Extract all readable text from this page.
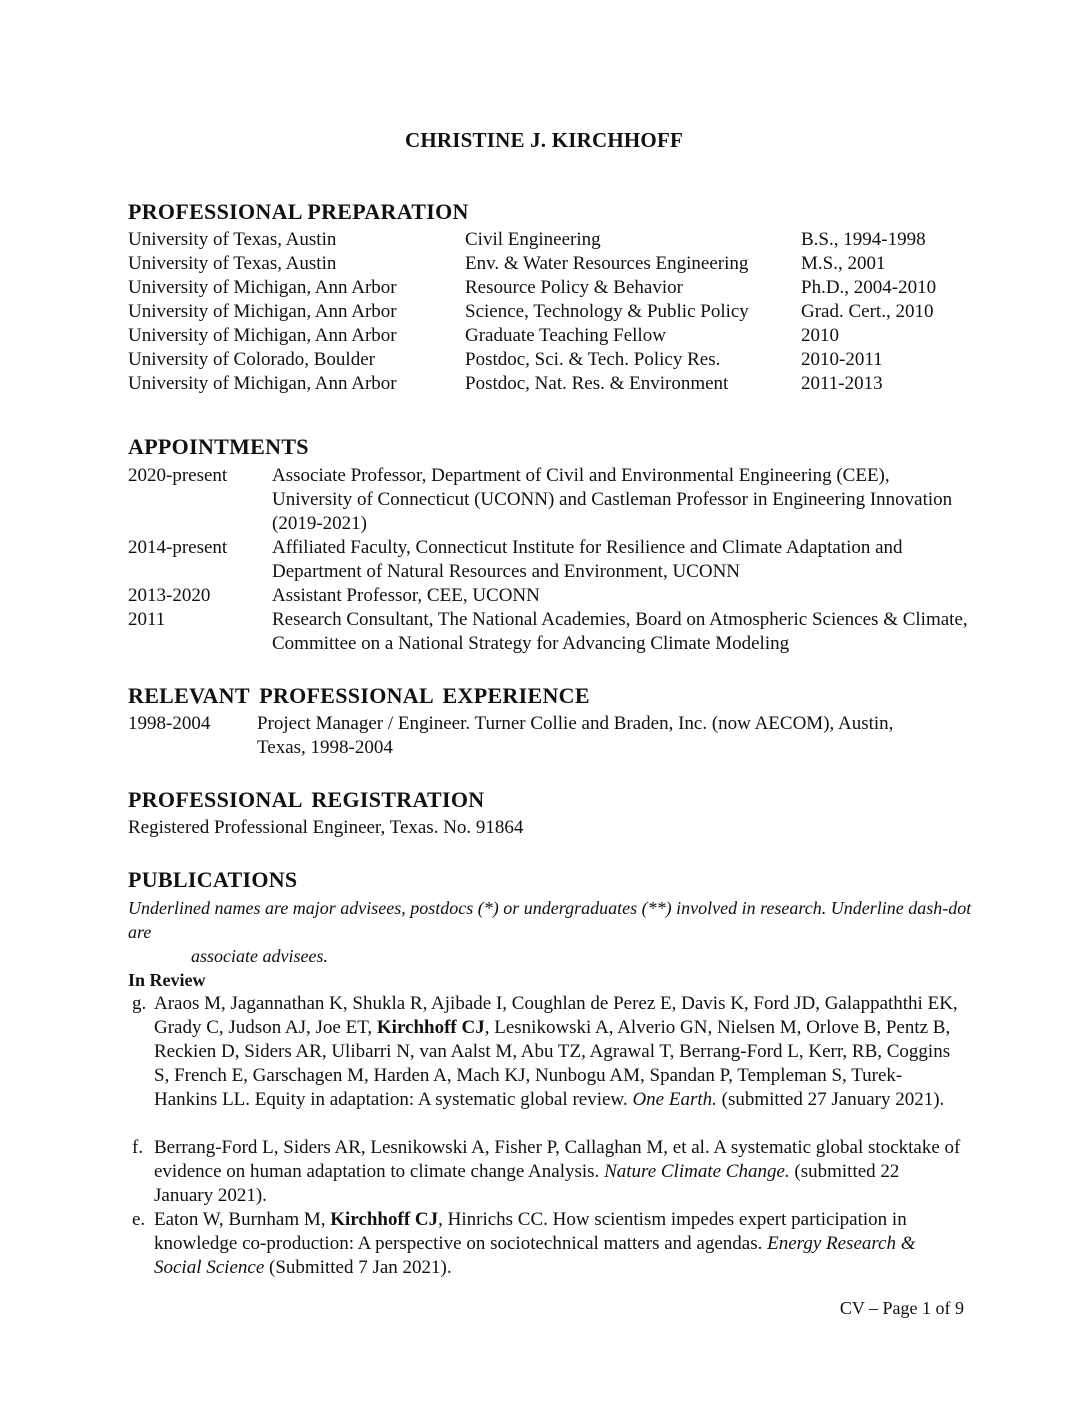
CHRISTINE J. KIRCHHOFF
PROFESSIONAL PREPARATION
University of Texas, Austin	Civil Engineering	B.S., 1994-1998
University of Texas, Austin	Env. & Water Resources Engineering	M.S., 2001
University of Michigan, Ann Arbor	Resource Policy & Behavior	Ph.D., 2004-2010
University of Michigan, Ann Arbor	Science, Technology & Public Policy	Grad. Cert., 2010
University of Michigan, Ann Arbor	Graduate Teaching Fellow	2010
University of Colorado, Boulder	Postdoc, Sci. & Tech. Policy Res.	2010-2011
University of Michigan, Ann Arbor	Postdoc, Nat. Res. & Environment	2011-2013
APPOINTMENTS
2020-present Associate Professor, Department of Civil and Environmental Engineering (CEE), University of Connecticut (UCONN) and Castleman Professor in Engineering Innovation (2019-2021)
2014-present Affiliated Faculty, Connecticut Institute for Resilience and Climate Adaptation and Department of Natural Resources and Environment, UCONN
2013-2020	Assistant Professor, CEE, UCONN
2011	Research Consultant, The National Academies, Board on Atmospheric Sciences & Climate, Committee on a National Strategy for Advancing Climate Modeling
RELEVANT PROFESSIONAL EXPERIENCE
1998-2004 Project Manager / Engineer. Turner Collie and Braden, Inc. (now AECOM), Austin, Texas, 1998-2004
PROFESSIONAL REGISTRATION
Registered Professional Engineer, Texas. No. 91864
PUBLICATIONS
Underlined names are major advisees, postdocs (*) or undergraduates (**) involved in research. Underline dash-dot are
associate advisees.
In Review
g. Araos M, Jagannathan K, Shukla R, Ajibade I, Coughlan de Perez E, Davis K, Ford JD, Galappaththi EK, Grady C, Judson AJ, Joe ET, Kirchhoff CJ, Lesnikowski A, Alverio GN, Nielsen M, Orlove B, Pentz B, Reckien D, Siders AR, Ulibarri N, van Aalst M, Abu TZ, Agrawal T, Berrang-Ford L, Kerr, RB, Coggins S, French E, Garschagen M, Harden A, Mach KJ, Nunbogu AM, Spandan P, Templeman S, Turek-Hankins LL. Equity in adaptation: A systematic global review. One Earth. (submitted 27 January 2021).
f. Berrang-Ford L, Siders AR, Lesnikowski A, Fisher P, Callaghan M, et al. A systematic global stocktake of evidence on human adaptation to climate change Analysis. Nature Climate Change. (submitted 22 January 2021).
e. Eaton W, Burnham M, Kirchhoff CJ, Hinrichs CC. How scientism impedes expert participation in knowledge co-production: A perspective on sociotechnical matters and agendas. Energy Research & Social Science (Submitted 7 Jan 2021).
CV – Page 1 of 9
